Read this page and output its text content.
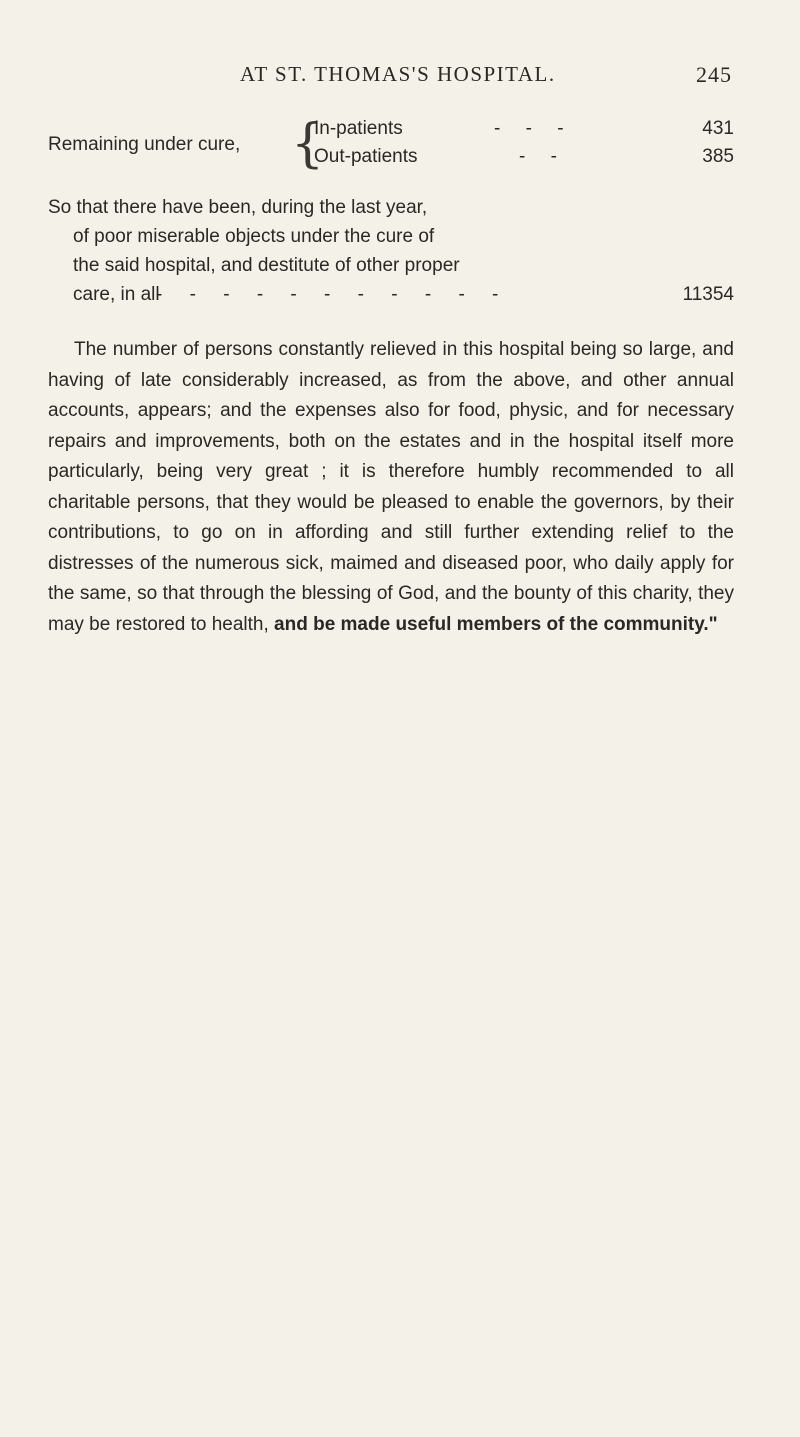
AT ST. THOMAS'S HOSPITAL.	245
Remaining under cure, {
In-patients	- - -	431
Out-patients	- -	385
So that there have been, during the last year,
of poor miserable objects under the cure of
the said hospital, and destitute of other proper
care, in all
- - - - - - - - - - -	11354
The number of persons constantly relieved in this hospital being so large, and having of late considerably increased, as from the above, and other annual accounts, appears; and the expenses also for food, physic, and for necessary repairs and improvements, both on the estates and in the hospital itself more particularly, being very great ; it is therefore humbly recommended to all charitable persons, that they would be pleased to enable the governors, by their contributions, to go on in affording and still further extending relief to the distresses of the numerous sick, maimed and diseased poor, who daily apply for the same, so that through the blessing of God, and the bounty of this charity, they may be restored to health, and be made useful members of the community."
